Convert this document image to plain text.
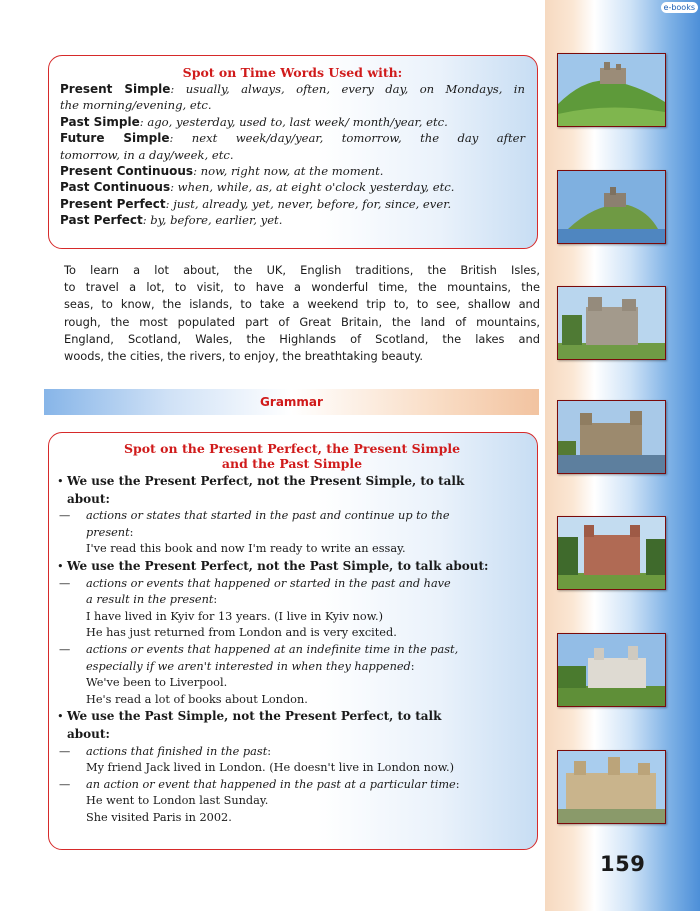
e-books
Spot on Time Words Used with:
Present Simple: usually, always, often, every day, on Mondays, in
the morning/evening, etc.
Past Simple: ago, yesterday, used to, last week/ month/year, etc.
Future Simple: next week/day/year, tomorrow, the day after
tomorrow, in a day/week, etc.
Present Continuous: now, right now, at the moment.
Past Continuous: when, while, as, at eight o'clock yesterday, etc.
Present Perfect: just, already, yet, never, before, for, since, ever.
Past Perfect: by, before, earlier, yet.
To learn a lot about, the UK, English traditions, the British Isles,
to travel a lot, to visit, to have a wonderful time, the mountains, the
seas, to know, the islands, to take a weekend trip to, to see, shallow and
rough, the most populated part of Great Britain, the land of mountains,
England, Scotland, Wales, the Highlands of Scotland, the lakes and
woods, the cities, the rivers, to enjoy, the breathtaking beauty.
Grammar
Spot on the Present Perfect, the Present Simple
and the Past Simple
• We use the Present Perfect, not the Present Simple, to talk
about:
— actions or states that started in the past and continue up to the
present:
I've read this book and now I'm ready to write an essay.
• We use the Present Perfect, not the Past Simple, to talk about:
— actions or events that happened or started in the past and have
a result in the present:
I have lived in Kyiv for 13 years. (I live in Kyiv now.)
He has just returned from London and is very excited.
— actions or events that happened at an indefinite time in the past,
especially if we aren't interested in when they happened:
We've been to Liverpool.
He's read a lot of books about London.
• We use the Past Simple, not the Present Perfect, to talk
about:
— actions that finished in the past:
My friend Jack lived in London. (He doesn't live in London now.)
— an action or event that happened in the past at a particular time:
He went to London last Sunday.
She visited Paris in 2002.
159
